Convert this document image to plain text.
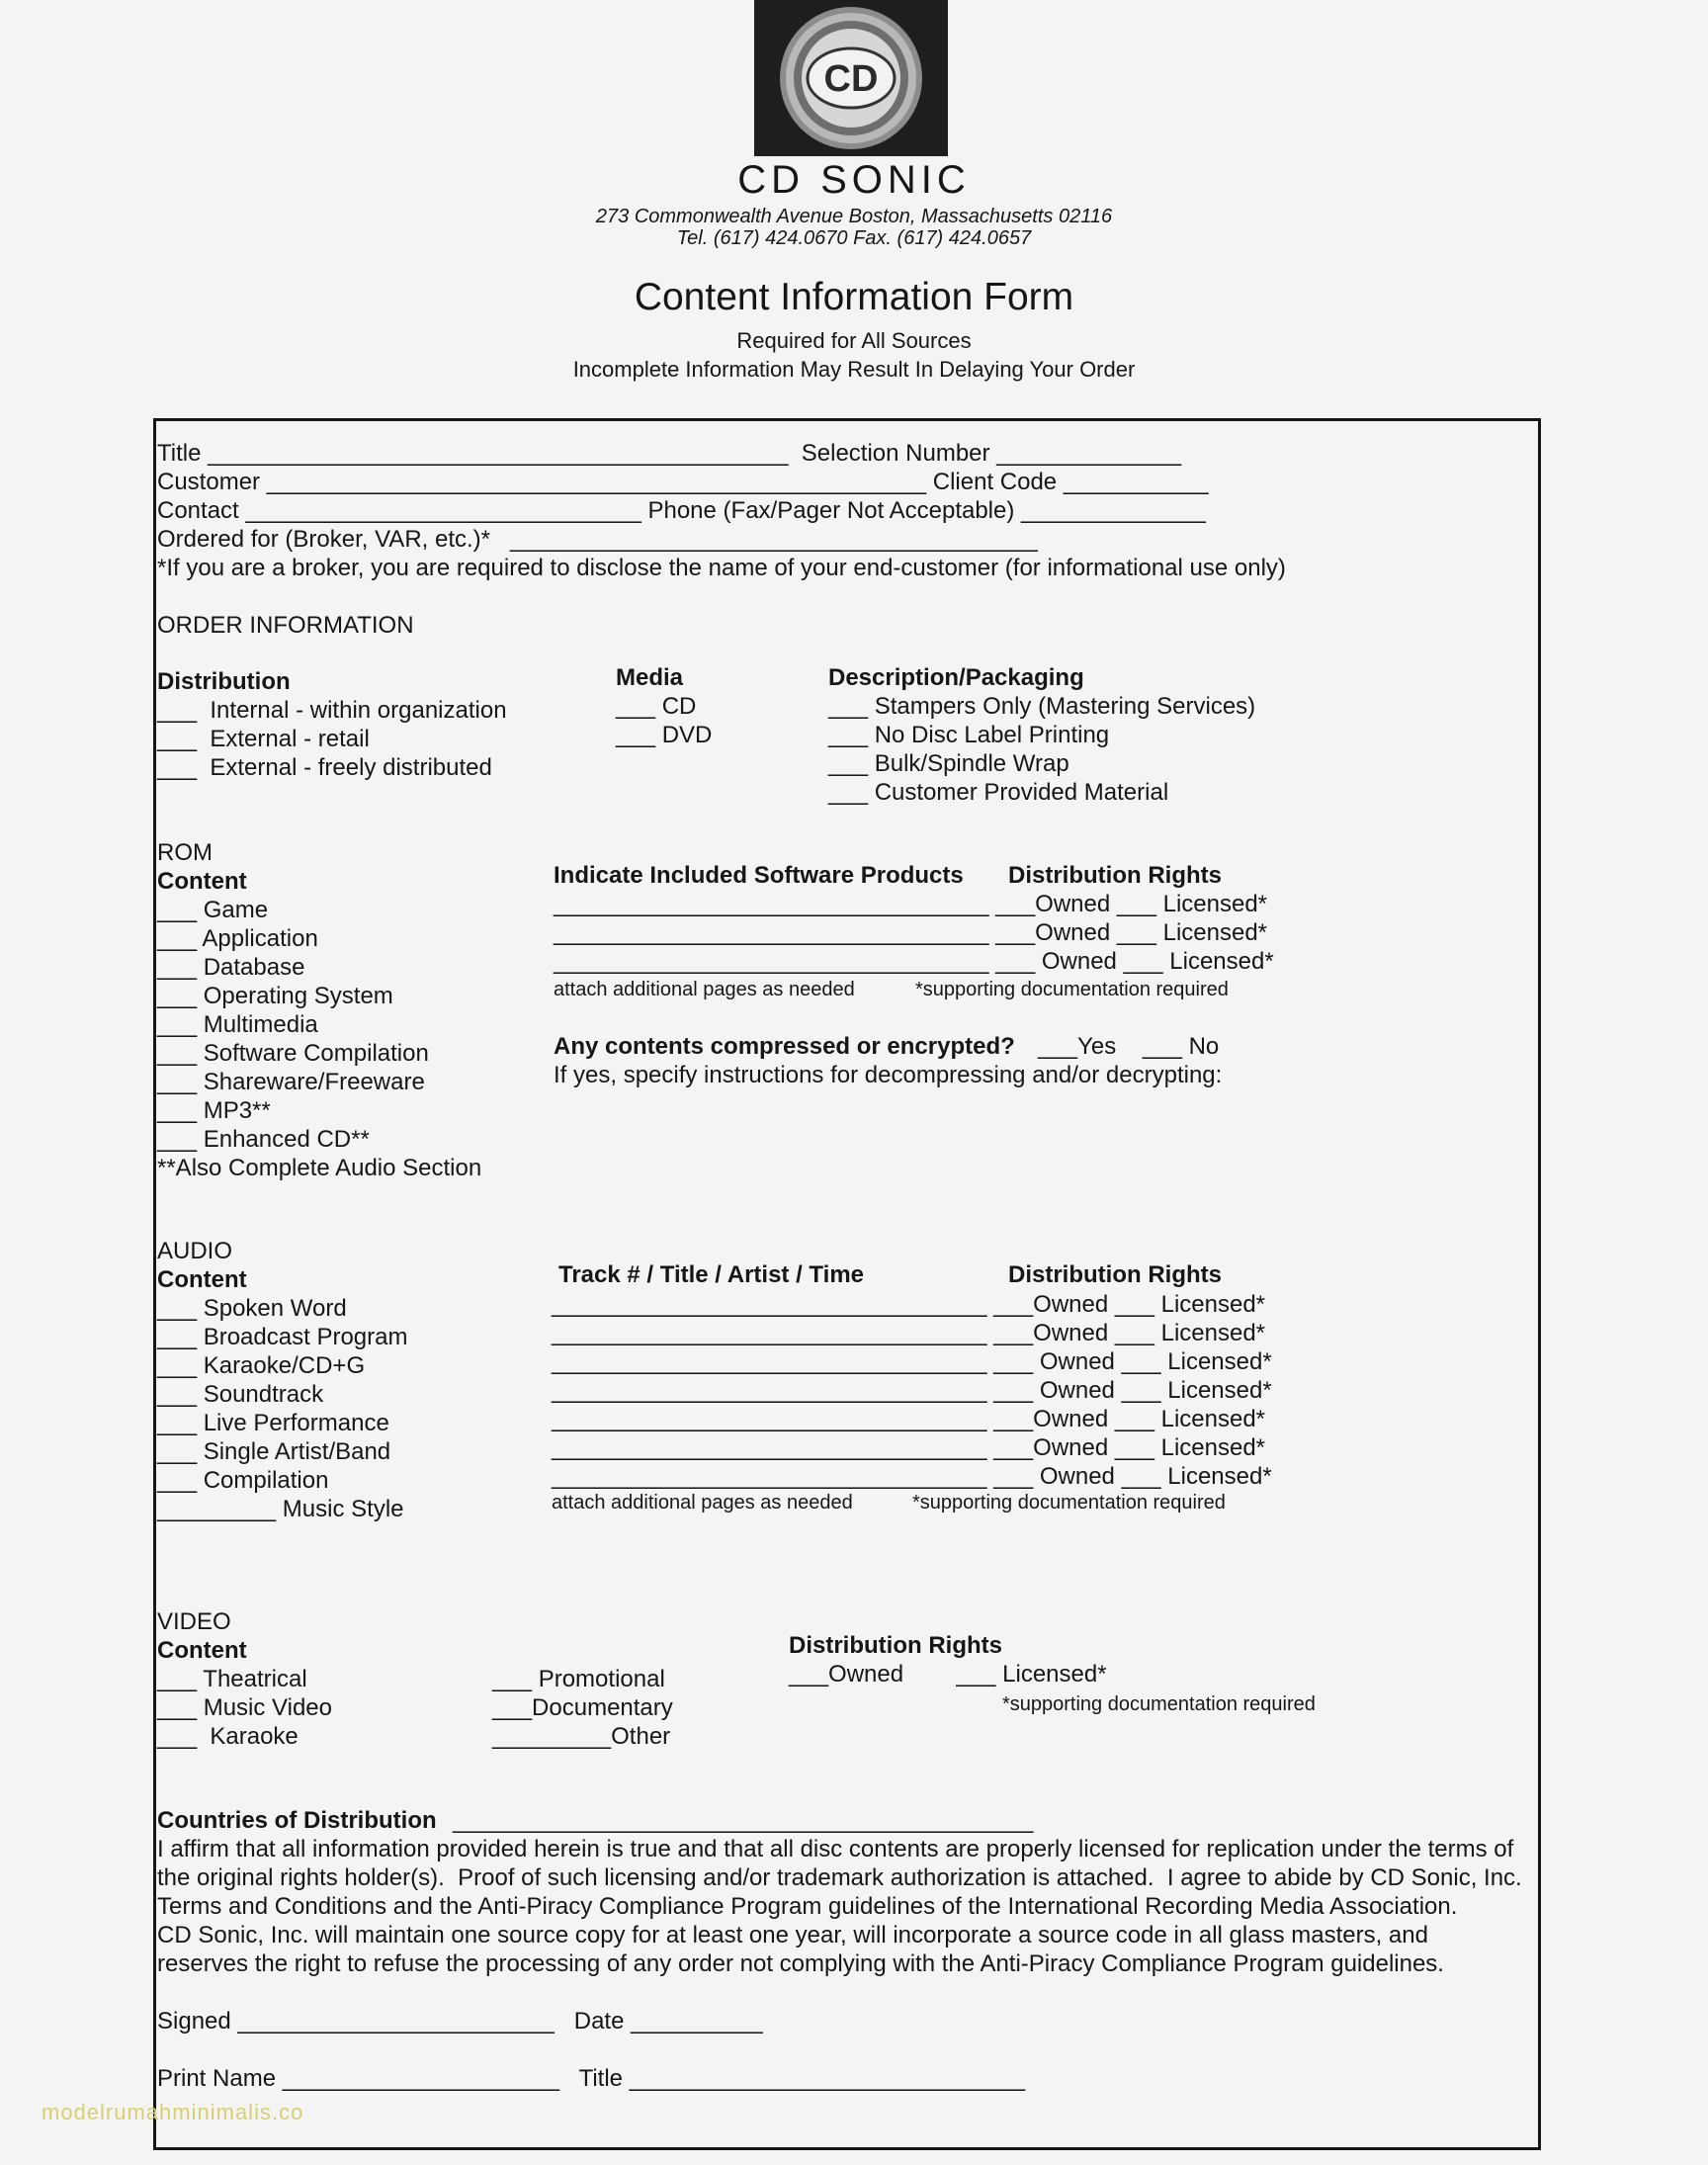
CD
CD SONIC
273 Commonwealth Avenue Boston, Massachusetts 02116
Tel. (617) 424.0670 Fax. (617) 424.0657
Content Information Form
Required for All Sources
Incomplete Information May Result In Delaying Your Order
Title ____________________________________________  Selection Number ______________
Customer __________________________________________________ Client Code ___________
Contact ______________________________ Phone (Fax/Pager Not Acceptable) ______________
Ordered for (Broker, VAR, etc.)*   ________________________________________
*If you are a broker, you are required to disclose the name of your end-customer (for informational use only)
ORDER INFORMATION
Distribution
___  Internal - within organization
___  External - retail
___  External - freely distributed
Media
___ CD
___ DVD
Description/Packaging
___ Stampers Only (Mastering Services)
___ No Disc Label Printing
___ Bulk/Spindle Wrap
___ Customer Provided Material
ROM
Content
___ Game
___ Application
___ Database
___ Operating System
___ Multimedia
___ Software Compilation
___ Shareware/Freeware
___ MP3**
___ Enhanced CD**
**Also Complete Audio Section
Indicate Included Software Products Distribution Rights
_________________________________ ___Owned ___ Licensed*
_________________________________ ___Owned ___ Licensed*
_________________________________ ___ Owned ___ Licensed*
attach additional pages as needed	*supporting documentation required
Any contents compressed or encrypted? ___Yes    ___ No
If yes, specify instructions for decompressing and/or decrypting:
AUDIO
Content
___ Spoken Word
___ Broadcast Program
___ Karaoke/CD+G
___ Soundtrack
___ Live Performance
___ Single Artist/Band
___ Compilation
_________ Music Style
Track # / Title / Artist / Time	Distribution Rights
_________________________________ ___Owned ___ Licensed*
_________________________________ ___Owned ___ Licensed*
_________________________________ ___ Owned ___ Licensed*
_________________________________ ___ Owned ___ Licensed*
_________________________________ ___Owned ___ Licensed*
_________________________________ ___Owned ___ Licensed*
_________________________________ ___ Owned ___ Licensed*
attach additional pages as needed	*supporting documentation required
VIDEO
Content
___ Theatrical
___ Music Video
___  Karaoke
___ Promotional
___Documentary
_________Other
Distribution Rights
___Owned        ___ Licensed*
*supporting documentation required
Countries of Distribution ____________________________________________
I affirm that all information provided herein is true and that all disc contents are properly licensed for replication under the terms of
the original rights holder(s).  Proof of such licensing and/or trademark authorization is attached.  I agree to abide by CD Sonic, Inc.
Terms and Conditions and the Anti-Piracy Compliance Program guidelines of the International Recording Media Association.
CD Sonic, Inc. will maintain one source copy for at least one year, will incorporate a source code in all glass masters, and
reserves the right to refuse the processing of any order not complying with the Anti-Piracy Compliance Program guidelines.
Signed ________________________   Date __________
Print Name _____________________   Title ______________________________
modelrumahminimalis.co
